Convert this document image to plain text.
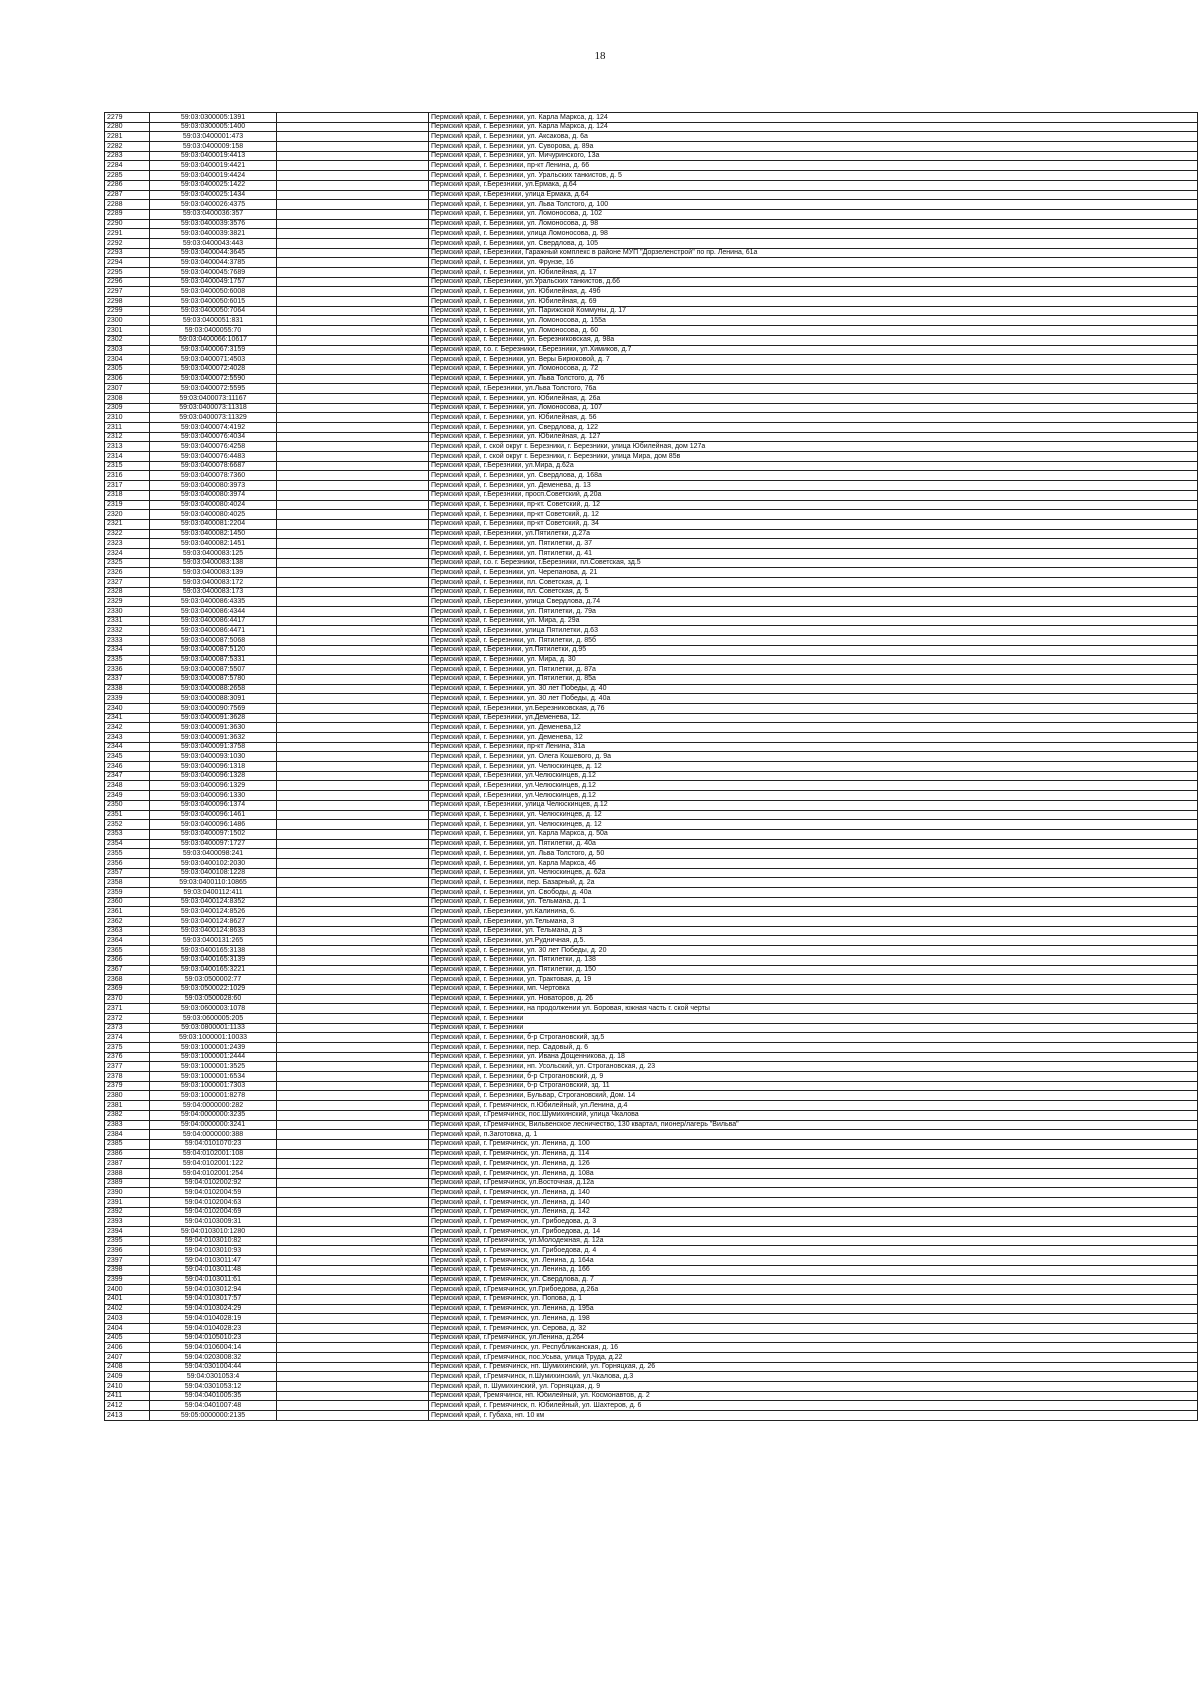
18
2279	59:03:0300005:1391		Пермский край, г. Березники, ул. Карла Маркса, д. 124
2280	59:03:0300005:1400		Пермский край, г. Березники, ул. Карла Маркса, д. 124
2281	59:03:0400001:473		Пермский край, г. Березники, ул. Аксакова, д. 6а
2282	59:03:0400009:158		Пермский край, г. Березники, ул. Суворова, д. 89а
2283	59:03:0400019:4413		Пермский край, г. Березники, ул. Мичуринского, 13а
2284	59:03:0400019:4421		Пермский край, г. Березники, пр-кт Ленина, д. 66
2285	59:03:0400019:4424		Пермский край, г. Березники, ул. Уральских танкистов, д. 5
2286	59:03:0400025:1422		Пермский край, г.Березники, ул.Ермака, д.64
2287	59:03:0400025:1434		Пермский край, г.Березники, улица Ермака, д.64
2288	59:03:0400026:4375		Пермский край, г. Березники, ул. Льва Толстого, д. 100
2289	59:03:0400036:357		Пермский край, г. Березники, ул. Ломоносова, д. 102
2290	59:03:0400039:3576		Пермский край, г. Березники, ул. Ломоносова, д. 98
2291	59:03:0400039:3821		Пермский край, г. Березники, улица Ломоносова, д. 98
2292	59:03:0400043:443		Пермский край, г. Березники, ул. Свердлова, д. 105
2293	59:03:0400044:3645		Пермский край, г.Березники, Гаражный комплекс в районе МУП "Дорзеленстрой" по пр. Ленина, 61а
2294	59:03:0400044:3785		Пермский край, г. Березники, ул. Фрунзе, 16
2295	59:03:0400045:7689		Пермский край, г. Березники, ул. Юбилейная, д. 17
2296	59:03:0400049:1757		Пермский край, г.Березники, ул.Уральских танкистов, д.66
2297	59:03:0400050:6008		Пермский край, г. Березники, ул. Юбилейная, д. 49б
2298	59:03:0400050:6015		Пермский край, г. Березники, ул. Юбилейная, д. 69
2299	59:03:0400050:7064		Пермский край, г. Березники, ул. Парижской Коммуны, д. 17
2300	59:03:0400051:831		Пермский край, г. Березники, ул. Ломоносова, д. 155а
2301	59:03:0400055:70		Пермский край, г. Березники, ул. Ломоносова, д. 60
2302	59:03:0400066:10617		Пермский край, г. Березники, ул. Березниковская, д. 98а
2303	59:03:0400067:3159		Пермский край, г.о. г. Березники, г.Березники, ул.Химиков, д.7
2304	59:03:0400071:4503		Пермский край, г. Березники, ул. Веры Бирюковой, д. 7
2305	59:03:0400072:4028		Пермский край, г. Березники, ул. Ломоносова, д. 72
2306	59:03:0400072:5590		Пермский край, г. Березники, ул. Льва Толстого, д. 76
2307	59:03:0400072:5595		Пермский край, г.Березники, ул.Льва Толстого, 76а
2308	59:03:0400073:11167		Пермский край, г. Березники, ул. Юбилейная, д. 26а
2309	59:03:0400073:11318		Пермский край, г. Березники, ул. Ломоносова, д. 107
2310	59:03:0400073:11329		Пермский край, г. Березники, ул. Юбилейная, д. 56
2311	59:03:0400074:4192		Пермский край, г. Березники, ул. Свердлова, д. 122
2312	59:03:0400076:4034		Пермский край, г. Березники, ул. Юбилейная, д. 127
2313	59:03:0400076:4258		Пермский край, г. ской округ г. Березники, г. Березники, улица Юбилейная, дом 127а
2314	59:03:0400076:4483		Пермский край, г. ской округ г. Березники, г. Березники, улица Мира, дом 85в
2315	59:03:0400078:6687		Пермский край, г.Березники, ул.Мира, д.62а
2316	59:03:0400078:7360		Пермский край, г. Березники, ул. Свердлова, д. 168а
2317	59:03:0400080:3973		Пермский край, г. Березники, ул. Деменева, д. 13
2318	59:03:0400080:3974		Пермский край, г.Березники, просп.Советский, д.20а
2319	59:03:0400080:4024		Пермский край, г. Березники, пр-кт. Советский, д. 12
2320	59:03:0400080:4025		Пермский край, г. Березники, пр-кт Советский, д. 12
2321	59:03:0400081:2204		Пермский край, г. Березники, пр-кт Советский, д. 34
2322	59:03:0400082:1450		Пермский край, г.Березники, ул.Пятилетки, д.27а
2323	59:03:0400082:1451		Пермский край, г. Березники, ул. Пятилетки, д. 37
2324	59:03:0400083:125		Пермский край, г. Березники, ул. Пятилетки, д. 41
2325	59:03:0400083:138		Пермский край, г.о. г. Березники, г.Березники, пл.Советская, зд.5
2326	59:03:0400083:139		Пермский край, г. Березники, ул. Черепанова, д. 21
2327	59:03:0400083:172		Пермский край, г. Березники, пл. Советская, д. 1
2328	59:03:0400083:173		Пермский край, г. Березники, пл. Советская, д. 5
2329	59:03:0400086:4335		Пермский край, г.Березники, улица Свердлова, д.74
2330	59:03:0400086:4344		Пермский край, г. Березники, ул. Пятилетки, д. 79а
2331	59:03:0400086:4417		Пермский край, г. Березники, ул. Мира, д. 29а
2332	59:03:0400086:4471		Пермский край, г.Березники, улица Пятилетки, д.63
2333	59:03:0400087:5068		Пермский край, г. Березники, ул. Пятилетки, д. 85б
2334	59:03:0400087:5120		Пермский край, г.Березники, ул.Пятилетки, д.95
2335	59:03:0400087:5331		Пермский край, г. Березники, ул. Мира, д. 30
2336	59:03:0400087:5507		Пермский край, г. Березники, ул. Пятилетки, д. 87а
2337	59:03:0400087:5780		Пермский край, г. Березники, ул. Пятилетки, д. 85а
2338	59:03:0400088:2658		Пермский край, г. Березники, ул. 30 лет Победы, д. 40
2339	59:03:0400088:3091		Пермский край, г. Березники, ул. 30 лет Победы, д. 40а
2340	59:03:0400090:7569		Пермский край, г.Березники, ул.Березниковская, д.76
2341	59:03:0400091:3628		Пермский край, г.Березники, ул.Деменева, 12.
2342	59:03:0400091:3630		Пермский край, г. Березники, ул. Деменева,12
2343	59:03:0400091:3632		Пермский край, г. Березники, ул. Деменева, 12
2344	59:03:0400091:3758		Пермский край, г. Березники, пр-кт Ленина, 31а
2345	59:03:0400093:1030		Пермский край, г. Березники, ул. Олега Кошевого, д. 9а
2346	59:03:0400096:1318		Пермский край, г. Березники, ул. Челюскинцев, д. 12
2347	59:03:0400096:1328		Пермский край, г.Березники, ул.Челюскинцев, д.12
2348	59:03:0400096:1329		Пермский край, г.Березники, ул.Челюскинцев, д.12
2349	59:03:0400096:1330		Пермский край, г.Березники, ул.Челюскинцев, д.12
2350	59:03:0400096:1374		Пермский край, г.Березники, улица Челюскинцев, д.12
2351	59:03:0400096:1461		Пермский край, г. Березники, ул. Челюскинцев, д. 12
2352	59:03:0400096:1486		Пермский край, г. Березники, ул. Челюскинцев, д. 12
2353	59:03:0400097:1502		Пермский край, г. Березники, ул. Карла Маркса, д. 50а
2354	59:03:0400097:1727		Пермский край, г. Березники, ул. Пятилетки, д. 40а
2355	59:03:0400098:241		Пермский край, г. Березники, ул. Льва Толстого, д. 50
2356	59:03:0400102:2030		Пермский край, г. Березники, ул. Карла Маркса, 46
2357	59:03:0400108:1228		Пермский край, г. Березники, ул. Челюскинцев, д. 62а
2358	59:03:0400110:10865		Пермский край, г. Березники, пер. Базарный, д. 2а
2359	59:03:0400112:411		Пермский край, г. Березники, ул. Свободы, д. 40а
2360	59:03:0400124:8352		Пермский край, г. Березники, ул. Тельмана, д. 1
2361	59:03:0400124:8526		Пермский край, г.Березники, ул.Калинина, 6.
2362	59:03:0400124:8627		Пермский край, г.Березники, ул.Тельмана, 3
2363	59:03:0400124:8633		Пермский край, г.Березники, ул. Тельмана, д 3
2364	59:03:0400131:265		Пермский край, г.Березники, ул.Рудничная, д.5.
2365	59:03:0400165:3138		Пермский край, г. Березники, ул. 30 лет Победы, д. 20
2366	59:03:0400165:3139		Пермский край, г. Березники, ул. Пятилетки, д. 138
2367	59:03:0400165:3221		Пермский край, г. Березники, ул. Пятилетки, д. 150
2368	59:03:0500002:77		Пермский край, г. Березники, ул. Трактовая, д. 19
2369	59:03:0500022:1029		Пермский край, г. Березники, мп. Чертовка
2370	59:03:0500028:60		Пермский край, г. Березники, ул. Новаторов, д. 26
2371	59:03:0600003:1078		Пермский край, г. Березники, на продолжении ул. Боровая, южная часть г. ской черты
2372	59:03:0600005:205		Пермский край, г. Березники
2373	59:03:0800001:1133		Пермский край, г. Березники
2374	59:03:1000001:10033		Пермский край, г. Березники, б-р Строгановский, зд.5
2375	59:03:1000001:2439		Пермский край, г. Березники, пер. Садовый, д. 6
2376	59:03:1000001:2444		Пермский край, г. Березники, ул. Ивана Дощенникова, д. 18
2377	59:03:1000001:3525		Пермский край, г. Березники, нп. Усольский, ул. Строгановская, д. 23
2378	59:03:1000001:6534		Пермский край, г. Березники, б-р Строгановский, д. 9
2379	59:03:1000001:7303		Пермский край, г. Березники, б-р Строгановский, зд. 11
2380	59:03:1000001:8278		Пермский край, г. Березники, Бульвар, Строгановский, Дом. 14
2381	59:04:0000000:282		Пермский край, г. Гремячинск, п.Юбилейный, ул.Ленина, д.4
2382	59:04:0000000:3235		Пермский край, г.Гремячинск, пос.Шумихинский, улица Чкалова
2383	59:04:0000000:3241		Пермский край, г.Гремячинск, Вильвенское лесничество, 130 квартал, пионер/лагерь "Вильва"
2384	59:04:0000000:388		Пермский край, п.Заготовка, д. 1
2385	59:04:0101070:23		Пермский край, г. Гремячинск, ул. Ленина, д. 100
2386	59:04:0102001:108		Пермский край, г. Гремячинск, ул. Ленина, д. 114
2387	59:04:0102001:122		Пермский край, г. Гремячинск, ул. Ленина, д. 126
2388	59:04:0102001:254		Пермский край, г. Гремячинск, ул. Ленина, д. 108а
2389	59:04:0102002:92		Пермский край, г.Гремячинск, ул.Восточная, д.12а
2390	59:04:0102004:59		Пермский край, г. Гремячинск, ул. Ленина, д. 140
2391	59:04:0102004:63		Пермский край, г. Гремячинск, ул. Ленина, д. 140
2392	59:04:0102004:69		Пермский край, г. Гремячинск, ул. Ленина, д. 142
2393	59:04:0103009:31		Пермский край, г. Гремячинск, ул. Грибоедова, д. 3
2394	59:04:0103010:1280		Пермский край, г. Гремячинск, ул. Грибоедова, д. 14
2395	59:04:0103010:82		Пермский край, г.Гремячинск, ул.Молодежная, д. 12а
2396	59:04:0103010:93		Пермский край, г. Гремячинск, ул. Грибоедова, д. 4
2397	59:04:0103011:47		Пермский край, г. Гремячинск, ул. Ленина, д. 164а
2398	59:04:0103011:48		Пермский край, г. Гремячинск, ул. Ленина, д. 166
2399	59:04:0103011:61		Пермский край, г. Гремячинск, ул. Свердлова, д. 7
2400	59:04:0103012:94		Пермский край, г.Гремячинск, ул.Грибоедова, д.26а
2401	59:04:0103017:57		Пермский край, г. Гремячинск, ул. Попова, д. 1
2402	59:04:0103024:29		Пермский край, г. Гремячинск, ул. Ленина, д. 195а
2403	59:04:0104028:19		Пермский край, г. Гремячинск, ул. Ленина, д. 198
2404	59:04:0104028:23		Пермский край, г. Гремячинск, ул. Серова, д. 32
2405	59:04:0105010:23		Пермский край, г.Гремячинск, ул.Ленина, д.264
2406	59:04:0106004:14		Пермский край, г. Гремячинск, ул. Республиканская, д. 16
2407	59:04:0203008:32		Пермский край, г.Гремячинск, пос.Усьва, улица Труда, д.22
2408	59:04:0301004:44		Пермский край, г. Гремячинск, нп. Шумихинский, ул. Горняцкая, д. 26
2409	59:04:0301053:4		Пермский край, г.Гремячинск, п.Шумихинский, ул.Чкалова, д.3
2410	59:04:0301053:12		Пермский край, п. Шумихинский, ул. Горняцкая, д. 9
2411	59:04:0401005:35		Пермский край, Гремячинск, нп. Юбилейный, ул. Космонавтов, д. 2
2412	59:04:0401007:48		Пермский край, г. Гремячинск, п. Юбилейный, ул. Шахтеров, д. 6
2413	59:05:0000000:2135		Пермский край, г. Губаха, нп. 10 км
